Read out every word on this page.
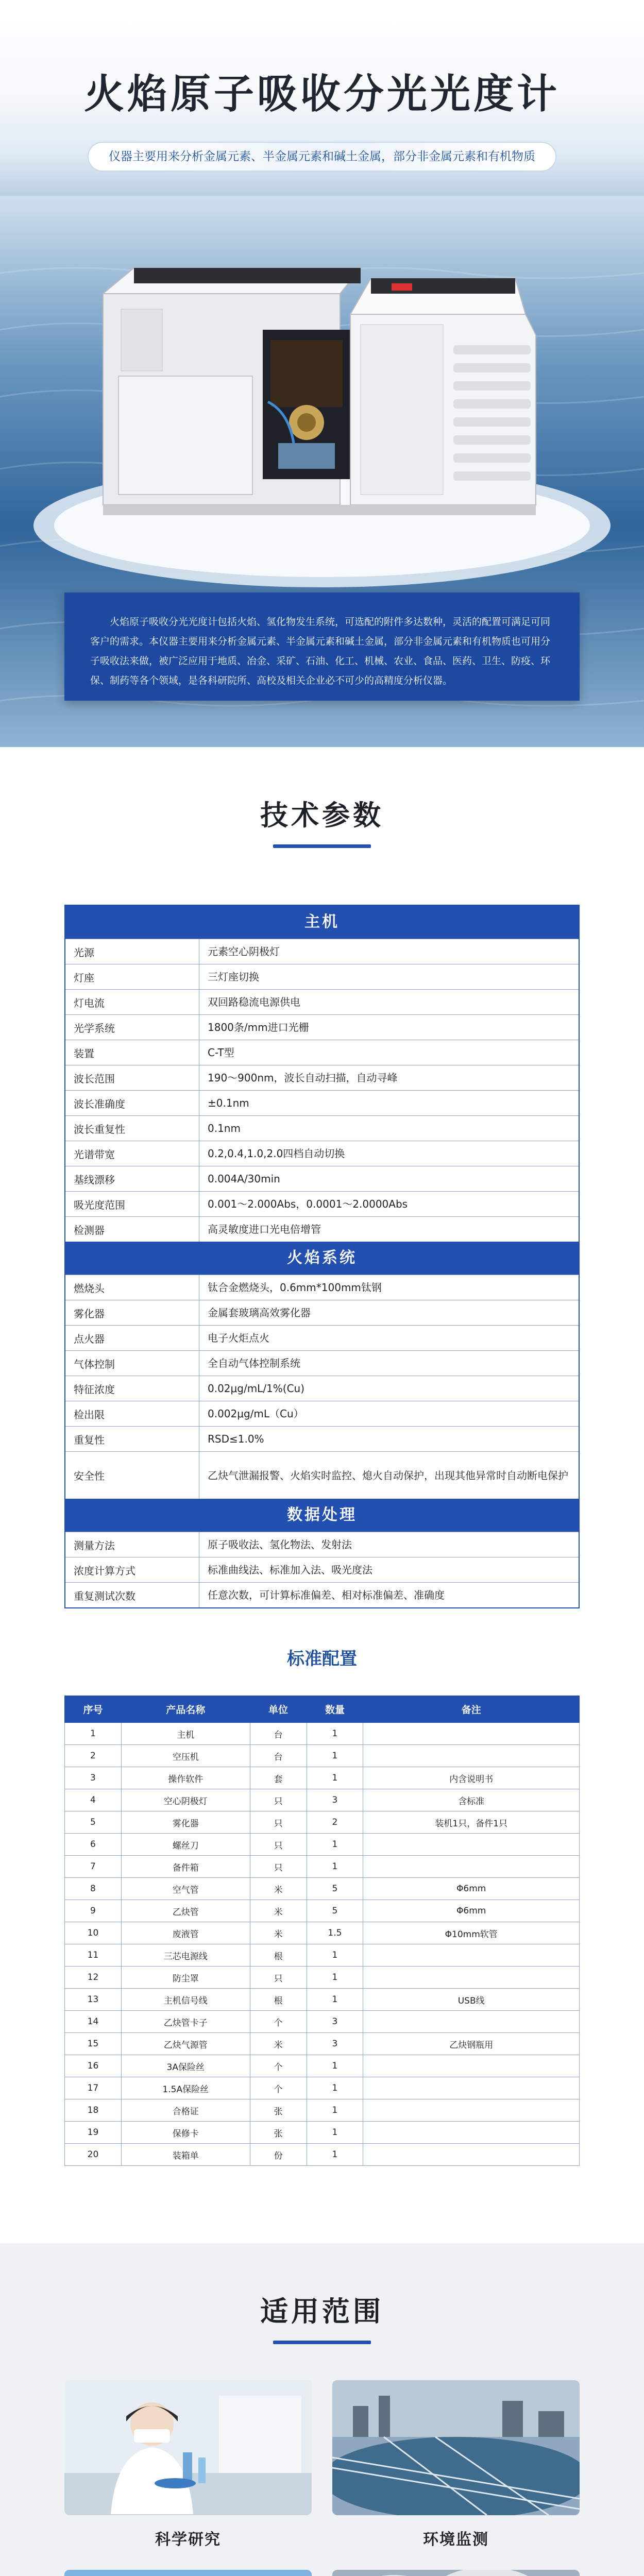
火焰原子吸收分光光度计
仪器主要用来分析金属元素、半金属元素和碱土金属，部分非金属元素和有机物质
火焰原子吸收分光光度计包括火焰、氢化物发生系统，可选配的附件多达数种，灵活的配置可满足可同客户的需求。本仪器主要用来分析金属元素、半金属元素和碱土金属，部分非金属元素和有机物质也可用分子吸收法来做，被广泛应用于地质、冶金、采矿、石油、化工、机械、农业、食品、医药、卫生、防疫、环保、制药等各个领域，是各科研院所、高校及相关企业必不可少的高精度分析仪器。
技术参数
主机
光源	元素空心阴极灯
灯座	三灯座切换
灯电流	双回路稳流电源供电
光学系统	1800条/mm进口光栅
装置	C-T型
波长范围	190～900nm，波长自动扫描，自动寻峰
波长准确度	±0.1nm
波长重复性	0.1nm
光谱带宽	0.2,0.4,1.0,2.0四档自动切换
基线漂移	0.004A/30min
吸光度范围	0.001～2.000Abs，0.0001～2.0000Abs
检测器	高灵敏度进口光电倍增管
火焰系统
燃烧头	钛合金燃烧头，0.6mm*100mm钛钢
雾化器	金属套玻璃高效雾化器
点火器	电子火炬点火
气体控制	全自动气体控制系统
特征浓度	0.02μg/mL/1%(Cu)
检出限	0.002μg/mL（Cu）
重复性	RSD≤1.0%
安全性	乙炔气泄漏报警、火焰实时监控、熄火自动保护，出现其他异常时自动断电保护
数据处理
测量方法	原子吸收法、氢化物法、发射法
浓度计算方式	标准曲线法、标准加入法、吸光度法
重复测试次数	任意次数，可计算标准偏差、相对标准偏差、准确度
标准配置
序号	产品名称	单位	数量	备注
1	主机	台	1	
2	空压机	台	1	
3	操作软件	套	1	内含说明书
4	空心阴极灯	只	3	含标准
5	雾化器	只	2	装机1只，备件1只
6	螺丝刀	只	1	
7	备件箱	只	1	
8	空气管	米	5	Φ6mm
9	乙炔管	米	5	Φ6mm
10	废液管	米	1.5	Φ10mm软管
11	三芯电源线	根	1	
12	防尘罩	只	1	
13	主机信号线	根	1	USB线
14	乙炔管卡子	个	3	
15	乙炔气源管	米	3	乙炔钢瓶用
16	3A保险丝	个	1	
17	1.5A保险丝	个	1	
18	合格证	张	1	
19	保修卡	张	1	
20	装箱单	份	1	
适用范围
科学研究	环境监测
